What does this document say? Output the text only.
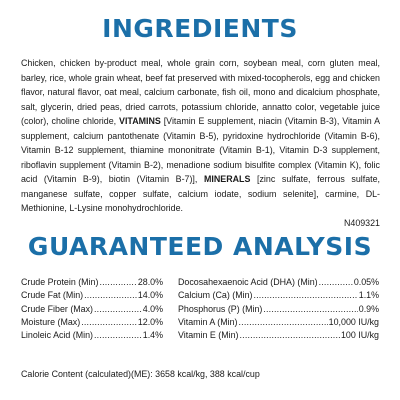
INGREDIENTS
Chicken, chicken by-product meal, whole grain corn, soybean meal, corn gluten meal, barley, rice, whole grain wheat, beef fat preserved with mixed-tocopherols, egg and chicken flavor, natural flavor, oat meal, calcium carbonate, fish oil, mono and dicalcium phosphate, salt, glycerin, dried peas, dried carrots, potassium chloride, annatto color, vegetable juice (color), choline chloride, VITAMINS [Vitamin E supplement, niacin (Vitamin B-3), Vitamin A supplement, calcium pantothenate (Vitamin B-5), pyridoxine hydrochloride (Vitamin B-6), Vitamin B-12 supplement, thiamine mononitrate (Vitamin B-1), Vitamin D-3 supplement, riboflavin supplement (Vitamin B-2), menadione sodium bisulfite complex (Vitamin K), folic acid (Vitamin B-9), biotin (Vitamin B-7)], MINERALS [zinc sulfate, ferrous sulfate, manganese sulfate, copper sulfate, calcium iodate, sodium selenite], carmine, DL-Methionine, L-Lysine monohydrochloride.
N409321
GUARANTEED ANALYSIS
Crude Protein (Min) .....	28.0%
Crude Fat (Min) .....	14.0%
Crude Fiber (Max) .....	4.0%
Moisture (Max) .....	12.0%
Linoleic Acid (Min) .....	1.4%
Docosahexaenoic Acid (DHA) (Min) .....	0.05%
Calcium (Ca) (Min) .....	1.1%
Phosphorus (P) (Min) .....	0.9%
Vitamin A (Min) .....	10,000 IU/kg
Vitamin E (Min) .....	100 IU/kg
Calorie Content (calculated)(ME): 3658 kcal/kg, 388 kcal/cup
